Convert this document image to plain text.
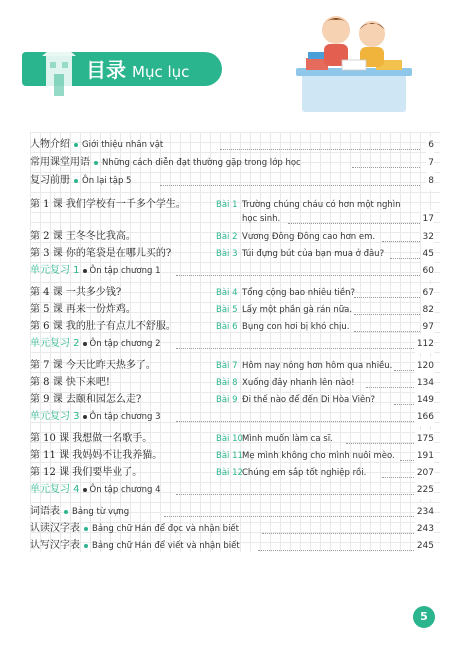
目录 Mục lục
人物介绍 Giới thiệu nhân vật	6
常用课堂用语 Những cách diễn đạt thường gặp trong lớp học	7
复习前册 Ôn lại tập 5	8
第 1 课 我们学校有一千多个学生。	Bài 1 Trường chúng cháu có hơn một nghìn
học sinh.	17
第 2 课 王冬冬比我高。	Bài 2 Vương Đông Đông cao hơn em.	32
第 3 课 你的笔袋是在哪儿买的?	Bài 3 Túi đựng bút của bạn mua ở đâu?	45
单元复习 1 Ôn tập chương 1	60
第 4 课 一共多少钱?	Bài 4 Tổng cộng bao nhiêu tiền?	67
第 5 课 再来一份炸鸡。	Bài 5 Lấy một phần gà rán nữa.	82
第 6 课 我的肚子有点儿不舒服。	Bài 6 Bụng con hơi bị khó chịu.	97
单元复习 2 Ôn tập chương 2	112
第 7 课 今天比昨天热多了。	Bài 7 Hôm nay nóng hơn hôm qua nhiều.	120
第 8 课 快下来吧!	Bài 8 Xuống đây nhanh lên nào!	134
第 9 课 去颐和园怎么走?	Bài 9 Đi thế nào để đến Di Hòa Viên?	149
单元复习 3 Ôn tập chương 3	166
第 10 课 我想做一名歌手。	Bài 10 Mình muốn làm ca sĩ.	175
第 11 课 我妈妈不让我养猫。	Bài 11 Mẹ mình không cho mình nuôi mèo. 191
第 12 课 我们要毕业了。	Bài 12 Chúng em sắp tốt nghiệp rồi.	207
单元复习 4 Ôn tập chương 4	225
词语表 Bảng từ vựng	234
认读汉字表 Bảng chữ Hán để đọc và nhận biết	243
认写汉字表 Bảng chữ Hán để viết và nhận biết	245
5
